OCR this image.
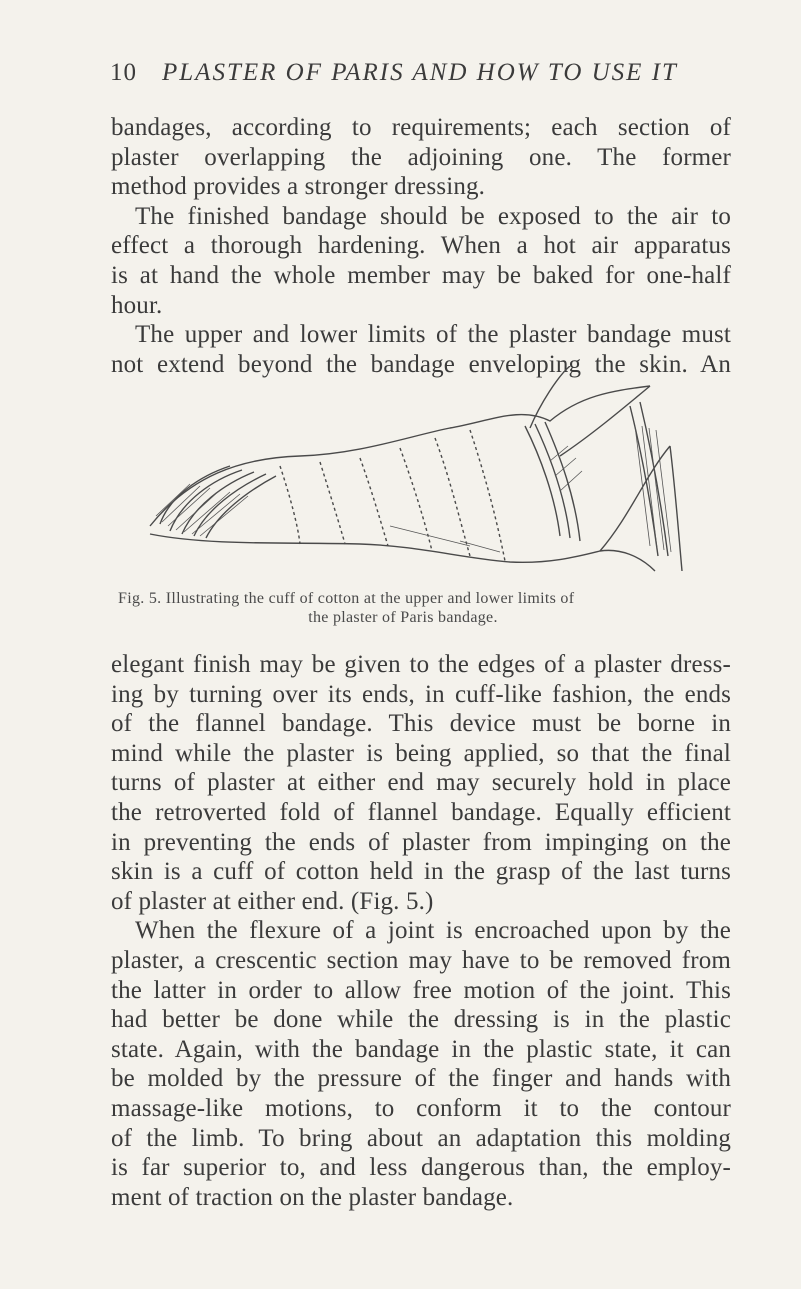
10 PLASTER OF PARIS AND HOW TO USE IT
bandages, according to requirements; each section of
plaster overlapping the adjoining one. The former
method provides a stronger dressing.
The finished bandage should be exposed to the air to
effect a thorough hardening. When a hot air apparatus
is at hand the whole member may be baked for one-half
hour.
The upper and lower limits of the plaster bandage must
not extend beyond the bandage enveloping the skin. An
Fig. 5. Illustrating the cuff of cotton at the upper and lower limits of
the plaster of Paris bandage.
elegant finish may be given to the edges of a plaster dress-
ing by turning over its ends, in cuff-like fashion, the ends
of the flannel bandage. This device must be borne in
mind while the plaster is being applied, so that the final
turns of plaster at either end may securely hold in place
the retroverted fold of flannel bandage. Equally efficient
in preventing the ends of plaster from impinging on the
skin is a cuff of cotton held in the grasp of the last turns
of plaster at either end. (Fig. 5.)
When the flexure of a joint is encroached upon by the
plaster, a crescentic section may have to be removed from
the latter in order to allow free motion of the joint. This
had better be done while the dressing is in the plastic
state. Again, with the bandage in the plastic state, it can
be molded by the pressure of the finger and hands with
massage-like motions, to conform it to the contour
of the limb. To bring about an adaptation this molding
is far superior to, and less dangerous than, the employ-
ment of traction on the plaster bandage.
